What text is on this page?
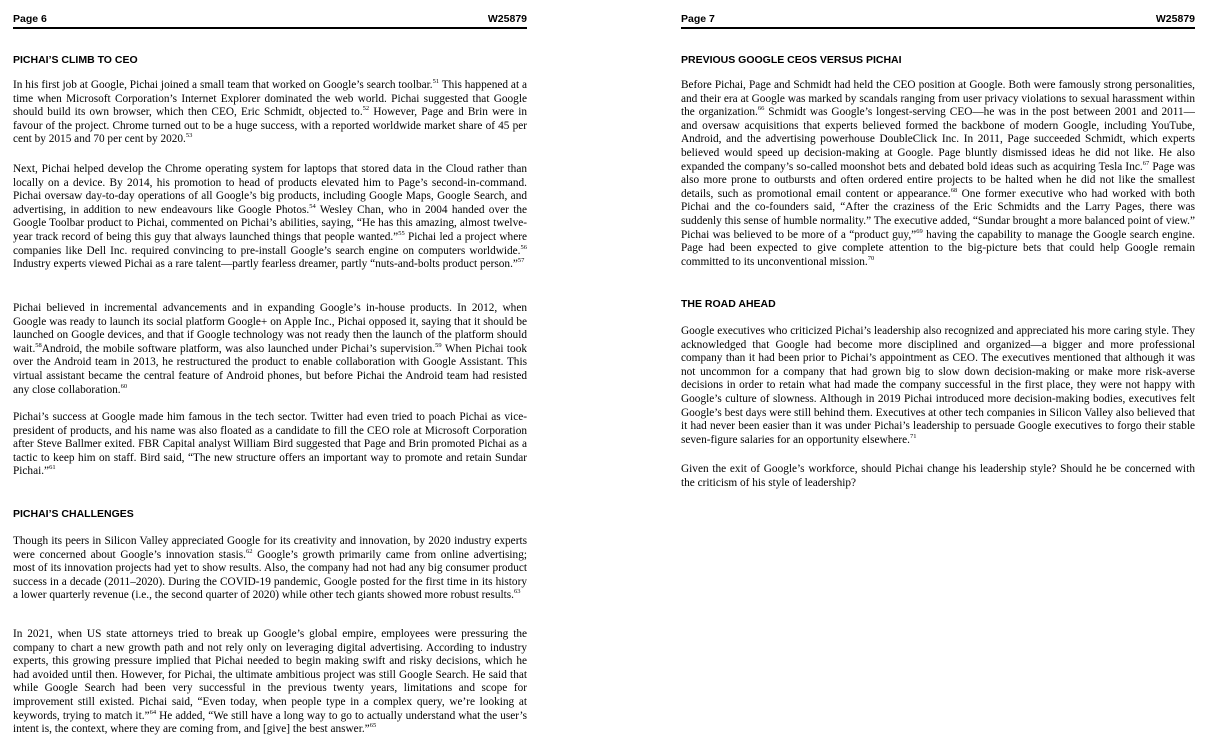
Page 6	W25879
PICHAI’S CLIMB TO CEO

In his first job at Google, Pichai joined a small team that worked on Google’s search toolbar.$^{51}$ This happened at a time when Microsoft Corporation’s Internet Explorer dominated the web world. Pichai suggested that Google should build its own browser, which then CEO, Eric Schmidt, objected to.$^{52}$ However, Page and Brin were in favour of the project. Chrome turned out to be a huge success, with a reported worldwide market share of 45 per cent by 2015 and 70 per cent by 2020.53

Next, Pichai helped develop the Chrome operating system for laptops that stored data in the Cloud rather than locally on a device. By 2014, his promotion to head of products elevated him to Page’s second-in-command. Pichai oversaw day-to-day operations of all Google’s big products, including Google Maps, Google Search, and advertising, in addition to new endeavours like Google Photos.$^{54}$ Wesley Chan, who in 2004 handed over the Google Toolbar product to Pichai, commented on Pichai’s abilities, saying, “He has this amazing, almost twelve-year track record of being this guy that always launched things that people wanted.”$^{55}$ Pichai led a project where companies like Dell Inc. required convincing to pre-install Google’s search engine on computers worldwide.$^{56}$ Industry experts viewed Pichai as a rare talent—partly fearless dreamer, partly “nuts-and-bolts product person.”$^{57}$

Pichai believed in incremental advancements and in expanding Google’s in-house products. In 2012, when Google was ready to launch its social platform Google+ on Apple Inc., Pichai opposed it, saying that it should be launched on Google devices, and that if Google technology was not ready then the launch of the platform should wait.$^{58}$Android, the mobile software platform, was also launched under Pichai’s supervision.$^{59}$ When Pichai took over the Android team in 2013, he restructured the product to enable collaboration with Google Assistant. This virtual assistant became the central feature of Android phones, but before Pichai the Android team had resisted any close collaboration.$^{60}$

Pichai’s success at Google made him famous in the tech sector. Twitter had even tried to poach Pichai as vice-president of products, and his name was also floated as a candidate to fill the CEO role at Microsoft Corporation after Steve Ballmer exited. FBR Capital analyst William Bird suggested that Page and Brin promoted Pichai as a tactic to keep him on staff. Bird said, “The new structure offers an important way to promote and retain Sundar Pichai.”$^{61}$

PICHAI’S CHALLENGES

Though its peers in Silicon Valley appreciated Google for its creativity and innovation, by 2020 industry experts were concerned about Google’s innovation stasis.$^{62}$ Google’s growth primarily came from online advertising; most of its innovation projects had yet to show results. Also, the company had not had any big consumer product success in a decade (2011–2020). During the COVID-19 pandemic, Google posted for the first time in its history a lower quarterly revenue (i.e., the second quarter of 2020) while other tech giants showed more robust results.$^{63}$

In 2021, when US state attorneys tried to break up Google’s global empire, employees were pressuring the company to chart a new growth path and not rely only on leveraging digital advertising. According to industry experts, this growing pressure implied that Pichai needed to begin making swift and risky decisions, which he had avoided until then. However, for Pichai, the ultimate ambitious project was still Google Search. He said that while Google Search had been very successful in the previous twenty years, limitations and scope for improvement still existed. Pichai said, “Even today, when people type in a complex query, we’re looking at keywords, trying to match it.”$^{64}$ He added, “We still have a long way to go to actually understand what the user’s intent is, the context, where they are coming from, and [give] the best answer.”$^{65}$

Page 7	W25879
PREVIOUS GOOGLE CEOS VERSUS PICHAI

Before Pichai, Page and Schmidt had held the CEO position at Google. Both were famously strong personalities, and their era at Google was marked by scandals ranging from user privacy violations to sexual harassment within the organization.$^{66}$ Schmidt was Google’s longest-serving CEO—he was in the post between 2001 and 2011—and oversaw acquisitions that experts believed formed the backbone of modern Google, including YouTube, Android, and the advertising powerhouse DoubleClick Inc. In 2011, Page succeeded Schmidt, which experts believed would speed up decision-making at Google. Page bluntly dismissed ideas he did not like. He also expanded the company’s so-called moonshot bets and debated bold ideas such as acquiring Tesla Inc.$^{67}$ Page was also more prone to outbursts and often ordered entire projects to be halted when he did not like the smallest details, such as promotional email content or appearance.$^{68}$ One former executive who had worked with both Pichai and the co-founders said, “After the craziness of the Eric Schmidts and the Larry Pages, there was suddenly this sense of humble normality.” The executive added, “Sundar brought a more balanced point of view.” Pichai was believed to be more of a “product guy,”$^{69}$ having the capability to manage the Google search engine. Page had been expected to give complete attention to the big-picture bets that could help Google remain committed to its unconventional mission.$^{70}$

THE ROAD AHEAD

Google executives who criticized Pichai’s leadership also recognized and appreciated his more caring style. They acknowledged that Google had become more disciplined and organized—a bigger and more professional company than it had been prior to Pichai’s appointment as CEO. The executives mentioned that although it was not uncommon for a company that had grown big to slow down decision-making or make more risk-averse decisions in order to retain what had made the company successful in the first place, they were not happy with Google’s culture of slowness. Although in 2019 Pichai introduced more decision-making bodies, executives felt Google’s best days were still behind them. Executives at other tech companies in Silicon Valley also believed that it had never been easier than it was under Pichai’s leadership to persuade Google executives to forgo their stable seven-figure salaries for an opportunity elsewhere.$^{71}$

Given the exit of Google’s workforce, should Pichai change his leadership style? Should he be concerned with the criticism of his style of leadership?
